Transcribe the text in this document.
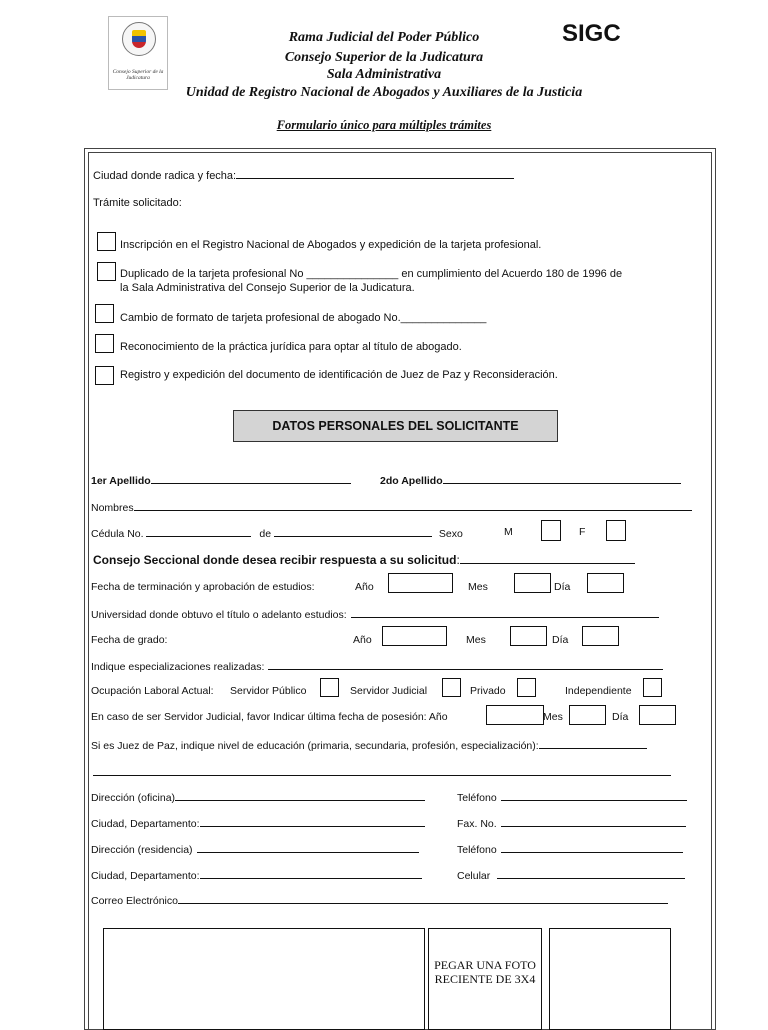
Consejo Superior de la Judicatura
Rama Judicial del Poder Público
Consejo Superior de la Judicatura
Sala Administrativa
Unidad de Registro Nacional de Abogados y Auxiliares de la Justicia
SIGC
Formulario único para múltiples trámites
Ciudad donde radica y fecha:
Trámite solicitado:
Inscripción en el Registro Nacional de Abogados y expedición de la tarjeta profesional.
Duplicado de la tarjeta profesional No _______________ en cumplimiento del Acuerdo 180 de 1996 de
la Sala Administrativa del Consejo Superior de la Judicatura.
Cambio de formato de tarjeta profesional de abogado No.______________
Reconocimiento de la práctica jurídica para optar al título de abogado.
Registro y expedición del documento de identificación de Juez de Paz y Reconsideración.
DATOS PERSONALES DEL SOLICITANTE
1er Apellido	2do Apellido
Nombres
Cédula No.	de	Sexo	M	F
Consejo Seccional donde desea recibir respuesta a su solicitud:
Fecha de terminación y aprobación de estudios:	Año	Mes	Día
Universidad donde obtuvo el título o adelanto estudios:
Fecha de grado:	Año	Mes	Día
Indique especializaciones realizadas:
Ocupación Laboral Actual: Servidor Público	Servidor Judicial	Privado	Independiente
En caso de ser Servidor Judicial, favor Indicar última fecha de posesión: Año	Mes	Día
Si es Juez de Paz, indique nivel de educación (primaria, secundaria, profesión, especialización):
Dirección (oficina)	Teléfono
Ciudad, Departamento:	Fax. No.
Dirección (residencia)	Teléfono
Ciudad, Departamento:	Celular
Correo Electrónico
PEGAR UNA FOTO RECIENTE DE 3X4
